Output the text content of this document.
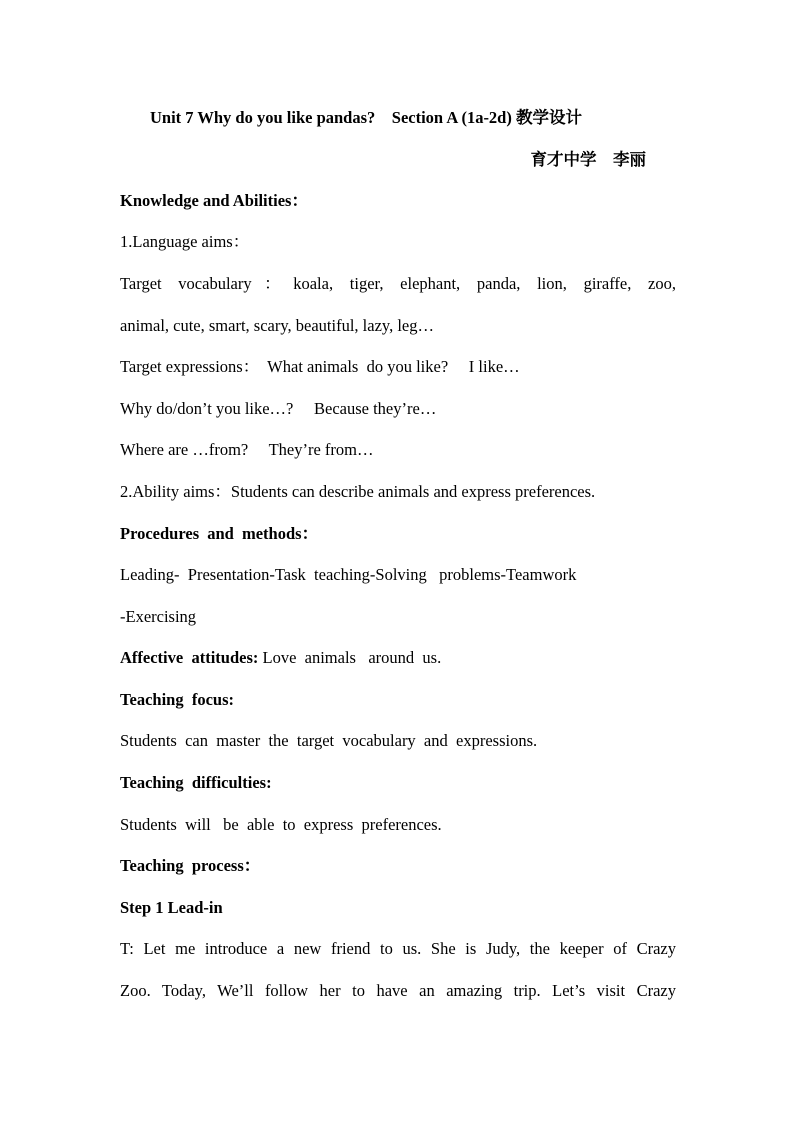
Unit 7 Why do you like pandas?　Section A (1a-2d) 教学设计
育才中学　李丽
Knowledge and Abilities：
1.Language aims：
Target vocabulary：koala, tiger, elephant, panda, lion, giraffe, zoo,
animal, cute, smart, scary, beautiful, lazy, leg…
Target expressions：  What animals  do you like?     I like…
Why do/don’t you like…?     Because they’re…
Where are …from?     They’re from…
2.Ability aims：Students can describe animals and express preferences.
Procedures and methods：
Leading-  Presentation-Task  teaching-Solving   problems-Teamwork
-Exercising
Affective  attitudes: Love  animals   around  us.
Teaching  focus:
Students  can  master  the  target  vocabulary  and  expressions.
Teaching  difficulties:
Students  will   be  able  to  express  preferences.
Teaching  process：
Step 1 Lead-in
T: Let me introduce a new friend to us. She is Judy, the keeper of Crazy
Zoo. Today, We’ll follow her to have an amazing trip. Let’s visit Crazy
